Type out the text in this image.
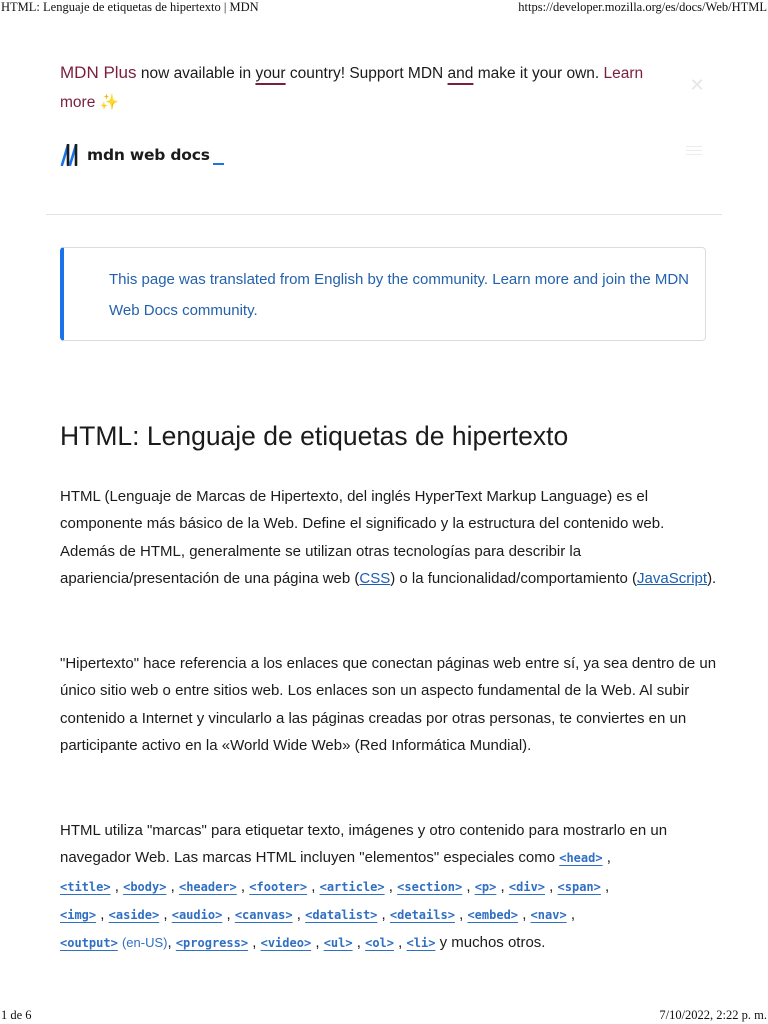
HTML: Lenguaje de etiquetas de hipertexto | MDN	https://developer.mozilla.org/es/docs/Web/HTML
MDN Plus now available in your country! Support MDN and make it your own. Learn more ✨
✕
mdn web docs

This page was translated from English by the community. Learn more and join the MDN Web Docs community.

HTML: Lenguaje de etiquetas de hipertexto

HTML (Lenguaje de Marcas de Hipertexto, del inglés HyperText Markup Language) es el componente más básico de la Web. Define el significado y la estructura del contenido web. Además de HTML, generalmente se utilizan otras tecnologías para describir la apariencia/presentación de una página web (CSS) o la funcionalidad/comportamiento (JavaScript).

"Hipertexto" hace referencia a los enlaces que conectan páginas web entre sí, ya sea dentro de un único sitio web o entre sitios web. Los enlaces son un aspecto fundamental de la Web. Al subir contenido a Internet y vincularlo a las páginas creadas por otras personas, te conviertes en un participante activo en la «World Wide Web» (Red Informática Mundial).

HTML utiliza "marcas" para etiquetar texto, imágenes y otro contenido para mostrarlo en un navegador Web. Las marcas HTML incluyen "elementos" especiales como <head> ,
<title> , <body> , <header> , <footer> , <article> , <section> , <p> , <div> , <span> ,
<img> , <aside> , <audio> , <canvas> , <datalist> , <details> , <embed> , <nav> ,
<output> (en-US), <progress> , <video> , <ul> , <ol> , <li> y muchos otros.

1 de 6	7/10/2022, 2:22 p. m.
